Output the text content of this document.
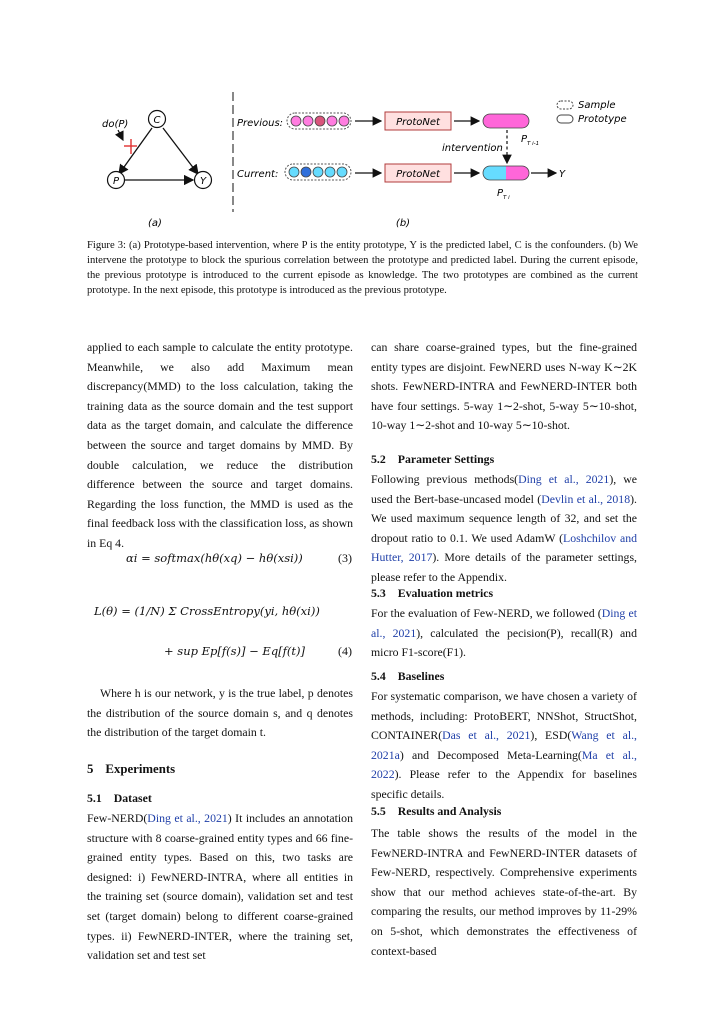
C
P	Y
do(P)
(a)
Previous:	ProtoNet
$P_{T i-1}$
intervention
Current:	ProtoNet	Y
$P_{T i}$
(b)
Sample
Prototype
Figure 3: (a) Prototype-based intervention, where P is the entity prototype, Y is the predicted label, C is the confounders. (b) We intervene the prototype to block the spurious correlation between the prototype and predicted label. During the current episode, the previous prototype is introduced to the current episode as knowledge. The two prototypes are combined as the current prototype. In the next episode, this prototype is introduced as the previous prototype.

applied to each sample to calculate the entity prototype. Meanwhile, we also add Maximum mean discrepancy(MMD) to the loss calculation, taking the training data as the source domain and the test support data as the target domain, and calculate the difference between the source and target domains by MMD. By double calculation, we reduce the distribution difference between the source and target domains. Regarding the loss function, the MMD is used as the final feedback loss with the classification loss, as shown in Eq 4.

αi = softmax(hθ(xq) − hθ(xsi))	(3)
L(θ) = (1/N) Σ CrossEntropy(yi, hθ(xi))
+ sup Ep[f(s)] − Eq[f(t)]	(4)
Where h is our network, y is the true label, p denotes the distribution of the source domain s, and q denotes the distribution of the target domain t.
5 Experiments
5.1 Dataset
Few-NERD(Ding et al., 2021) It includes an annotation structure with 8 coarse-grained entity types and 66 fine-grained entity types. Based on this, two tasks are designed: i) FewNERD-INTRA, where all entities in the training set (source domain), validation set and test set (target domain) belong to different coarse-grained types. ii) FewNERD-INTER, where the training set, validation set and test set
can share coarse-grained types, but the fine-grained entity types are disjoint. FewNERD uses N-way K∼2K shots. FewNERD-INTRA and FewNERD-INTER both have four settings. 5-way 1∼2-shot, 5-way 5∼10-shot, 10-way 1∼2-shot and 10-way 5∼10-shot.
5.2 Parameter Settings
Following previous methods(Ding et al., 2021), we used the Bert-base-uncased model (Devlin et al., 2018). We used maximum sequence length of 32, and set the dropout ratio to 0.1. We used AdamW (Loshchilov and Hutter, 2017). More details of the parameter settings, please refer to the Appendix.
5.3 Evaluation metrics
For the evaluation of Few-NERD, we followed (Ding et al., 2021), calculated the pecision(P), recall(R) and micro F1-score(F1).
5.4 Baselines
For systematic comparison, we have chosen a variety of methods, including: ProtoBERT, NNShot, StructShot, CONTAINER(Das et al., 2021), ESD(Wang et al., 2021a) and Decomposed Meta-Learning(Ma et al., 2022). Please refer to the Appendix for baselines specific details.
5.5 Results and Analysis
The table shows the results of the model in the FewNERD-INTRA and FewNERD-INTER datasets of Few-NERD, respectively. Comprehensive experiments show that our method achieves state-of-the-art. By comparing the results, our method improves by 11-29% on 5-shot, which demonstrates the effectiveness of context-based
